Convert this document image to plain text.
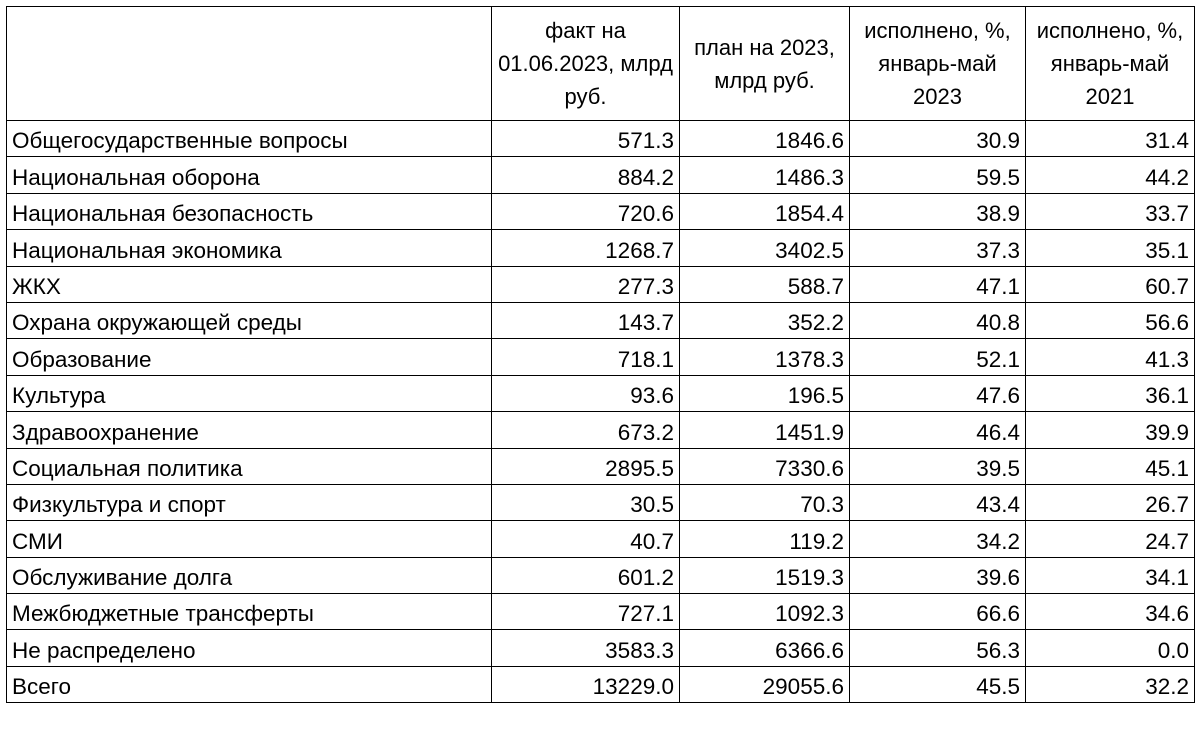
	факт на 01.06.2023, млрд руб.	план на 2023, млрд руб.	исполнено, %, январь-май 2023	исполнено, %, январь-май 2021
Общегосударственные вопросы	571.3	1846.6	30.9	31.4
Национальная оборона	884.2	1486.3	59.5	44.2
Национальная безопасность	720.6	1854.4	38.9	33.7
Национальная экономика	1268.7	3402.5	37.3	35.1
ЖКХ	277.3	588.7	47.1	60.7
Охрана окружающей среды	143.7	352.2	40.8	56.6
Образование	718.1	1378.3	52.1	41.3
Культура	93.6	196.5	47.6	36.1
Здравоохранение	673.2	1451.9	46.4	39.9
Социальная политика	2895.5	7330.6	39.5	45.1
Физкультура и спорт	30.5	70.3	43.4	26.7
СМИ	40.7	119.2	34.2	24.7
Обслуживание долга	601.2	1519.3	39.6	34.1
Межбюджетные трансферты	727.1	1092.3	66.6	34.6
Не распределено	3583.3	6366.6	56.3	0.0
Всего	13229.0	29055.6	45.5	32.2
